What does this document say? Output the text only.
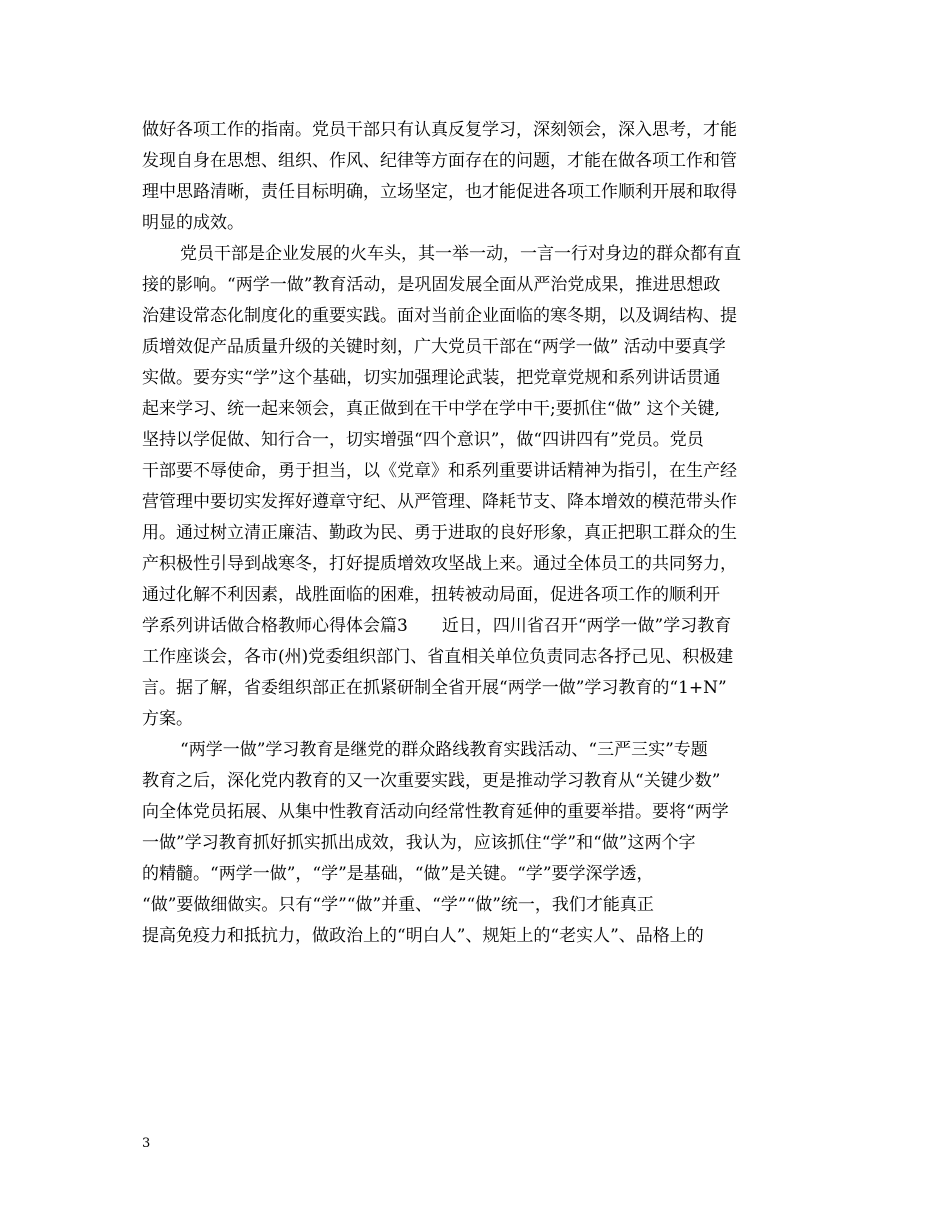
做好各项工作的指南。党员干部只有认真反复学习，深刻领会，深入思考，才能
发现自身在思想、组织、作风、纪律等方面存在的问题，才能在做各项工作和管
理中思路清晰，责任目标明确，立场坚定，也才能促进各项工作顺利开展和取得
明显的成效。
党员干部是企业发展的火车头，其一举一动，一言一行对身边的群众都有直
接的影响。“两学一做”教育活动，是巩固发展全面从严治党成果，推进思想政
治建设常态化制度化的重要实践。面对当前企业面临的寒冬期，以及调结构、提
质增效促产品质量升级的关键时刻，广大党员干部在“两学一做” 活动中要真学
实做。要夯实“学”这个基础，切实加强理论武装，把党章党规和系列讲话贯通
起来学习、统一起来领会，真正做到在干中学在学中干;要抓住“做” 这个关键,
坚持以学促做、知行合一，切实增强“四个意识”，做“四讲四有”党员。党员
干部要不辱使命，勇于担当，以《党章》和系列重要讲话精神为指引，在生产经
营管理中要切实发挥好遵章守纪、从严管理、降耗节支、降本增效的模范带头作
用。通过树立清正廉洁、勤政为民、勇于进取的良好形象，真正把职工群众的生
产积极性引导到战寒冬，打好提质增效攻坚战上来。通过全体员工的共同努力，
通过化解不利因素，战胜面临的困难，扭转被动局面，促进各项工作的顺利开
学系列讲话做合格教师心得体会篇3　　近日，四川省召开“两学一做”学习教育
工作座谈会，各市(州)党委组织部门、省直相关单位负责同志各抒己见、积极建
言。据了解，省委组织部正在抓紧研制全省开展“两学一做”学习教育的“1+N”
方案。
“两学一做”学习教育是继党的群众路线教育实践活动、“三严三实”专题
教育之后，深化党内教育的又一次重要实践，更是推动学习教育从“关键少数”
向全体党员拓展、从集中性教育活动向经常性教育延伸的重要举措。要将“两学
一做”学习教育抓好抓实抓出成效，我认为，应该抓住“学”和“做”这两个字
的精髓。“两学一做”，“学”是基础，“做”是关键。“学”要学深学透，
“做”要做细做实。只有“学”“做”并重、“学”“做”统一，我们才能真正
提高免疫力和抵抗力，做政治上的“明白人”、规矩上的“老实人”、品格上的
3
